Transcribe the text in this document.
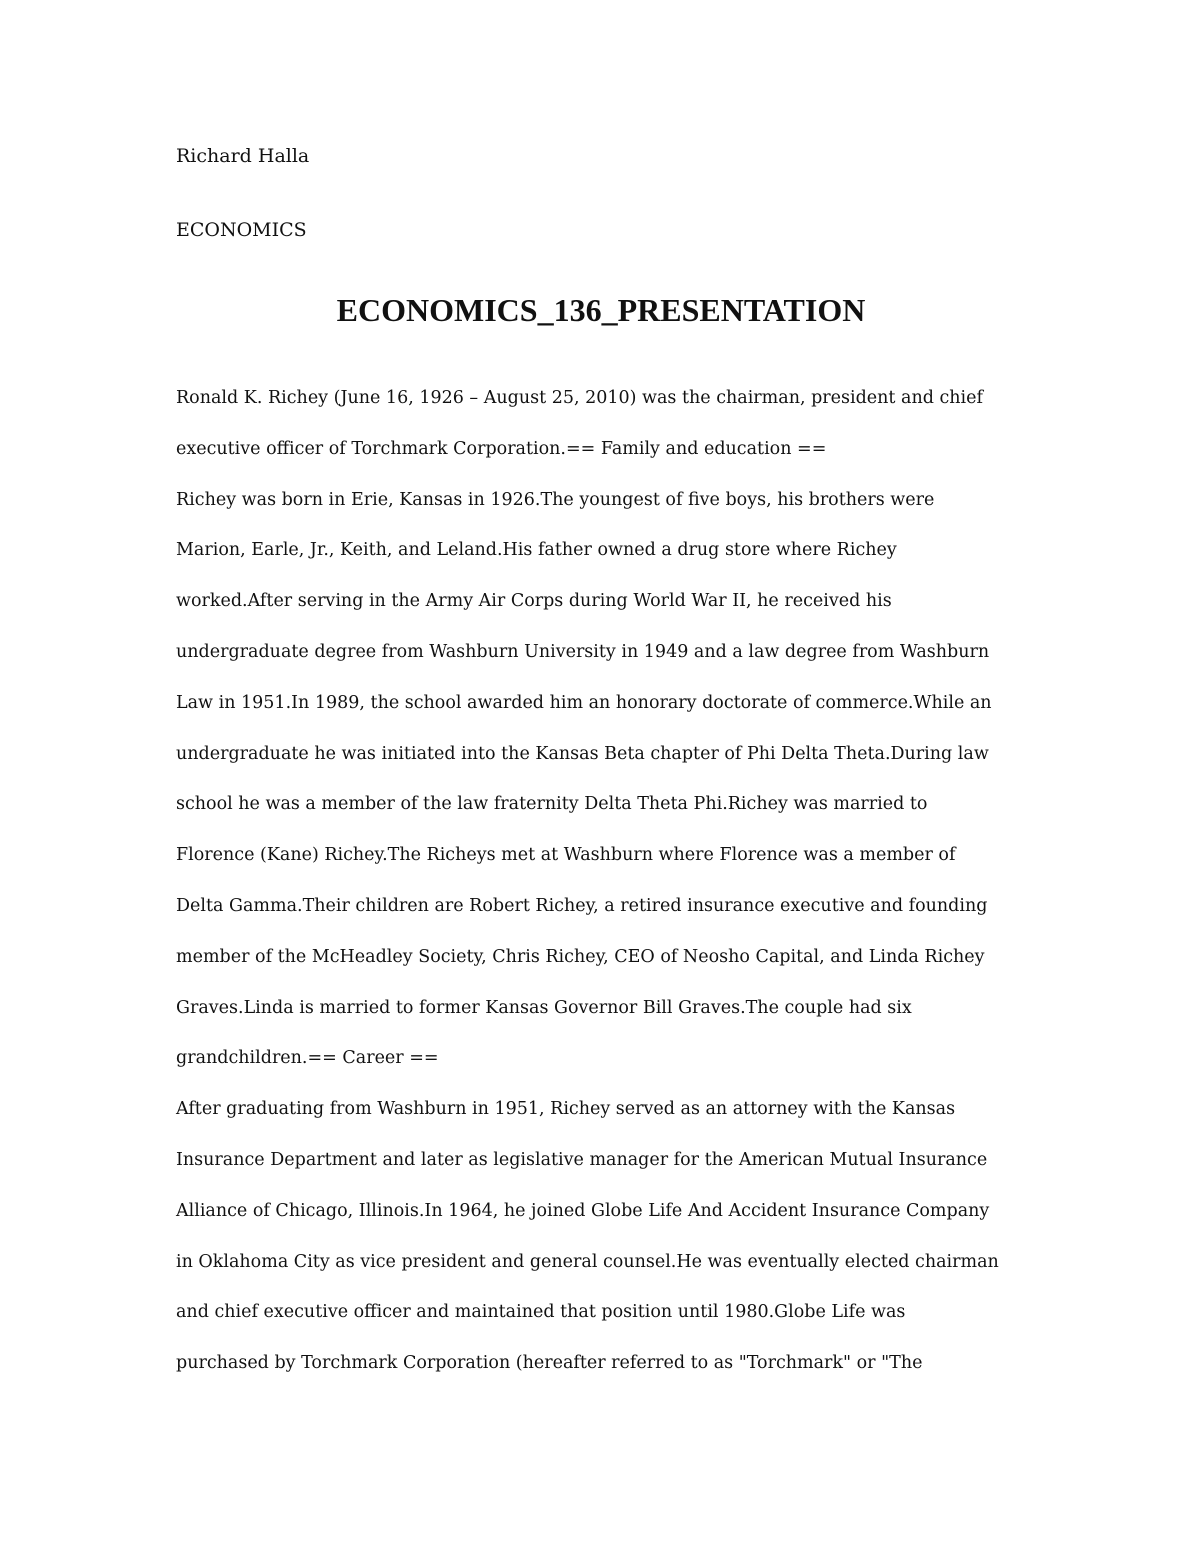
Richard Halla
ECONOMICS
ECONOMICS_136_PRESENTATION
Ronald K. Richey (June 16, 1926 – August 25, 2010) was the chairman, president and chief
executive officer of Torchmark Corporation.== Family and education ==
Richey was born in Erie, Kansas in 1926.The youngest of five boys, his brothers were
Marion, Earle, Jr., Keith, and Leland.His father owned a drug store where Richey
worked.After serving in the Army Air Corps during World War II, he received his
undergraduate degree from Washburn University in 1949 and a law degree from Washburn
Law in 1951.In 1989, the school awarded him an honorary doctorate of commerce.While an
undergraduate he was initiated into the Kansas Beta chapter of Phi Delta Theta.During law
school he was a member of the law fraternity Delta Theta Phi.Richey was married to
Florence (Kane) Richey.The Richeys met at Washburn where Florence was a member of
Delta Gamma.Their children are Robert Richey, a retired insurance executive and founding
member of the McHeadley Society, Chris Richey, CEO of Neosho Capital, and Linda Richey
Graves.Linda is married to former Kansas Governor Bill Graves.The couple had six
grandchildren.== Career ==
After graduating from Washburn in 1951, Richey served as an attorney with the Kansas
Insurance Department and later as legislative manager for the American Mutual Insurance
Alliance of Chicago, Illinois.In 1964, he joined Globe Life And Accident Insurance Company
in Oklahoma City as vice president and general counsel.He was eventually elected chairman
and chief executive officer and maintained that position until 1980.Globe Life was
purchased by Torchmark Corporation (hereafter referred to as "Torchmark" or "The
